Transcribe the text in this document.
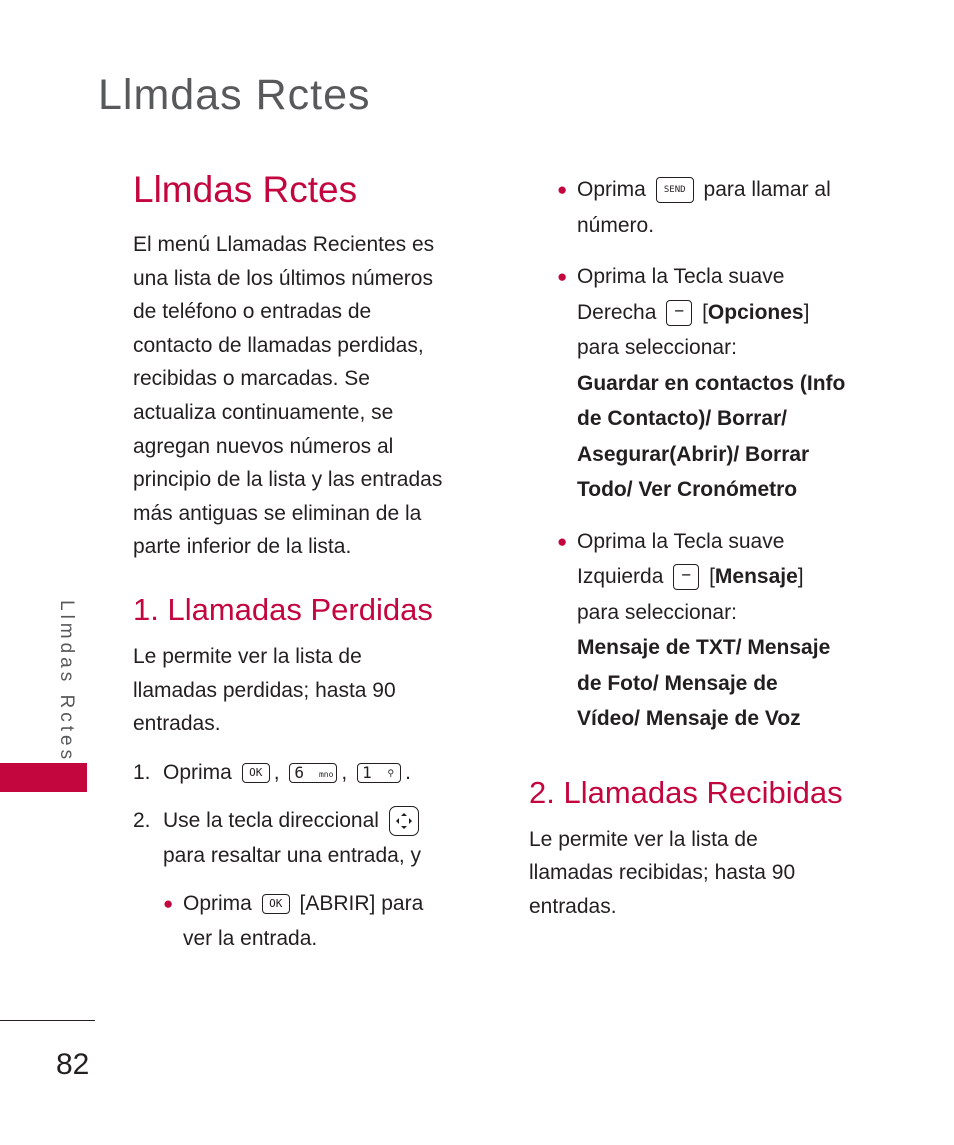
Llmdas Rctes
Llmdas Rctes
82
Llmdas Rctes

El menú Llamadas Recientes es
una lista de los últimos números
de teléfono o entradas de
contacto de llamadas perdidas,
recibidas o marcadas. Se
actualiza continuamente, se
agregan nuevos números al
principio de la lista y las entradas
más antiguas se eliminan de la
parte inferior de la lista.

1. Llamadas Perdidas

Le permite ver la lista de
llamadas perdidas; hasta 90
entradas.

1. Oprima OK , 6 mno , 1 ⚲ .
2. Use la tecla direccional

para resaltar una entrada, y
● Oprima OK [ABRIR] para
ver la entrada.
● Oprima SEND para llamar al
número.
● Oprima la Tecla suave
Derecha − [Opciones]
para seleccionar:
Guardar en contactos (Info
de Contacto)/ Borrar/
Asegurar(Abrir)/ Borrar
Todo/ Ver Cronómetro
● Oprima la Tecla suave
Izquierda − [Mensaje]
para seleccionar:
Mensaje de TXT/ Mensaje
de Foto/ Mensaje de
Vídeo/ Mensaje de Voz
2. Llamadas Recibidas

Le permite ver la lista de
llamadas recibidas; hasta 90
entradas.
